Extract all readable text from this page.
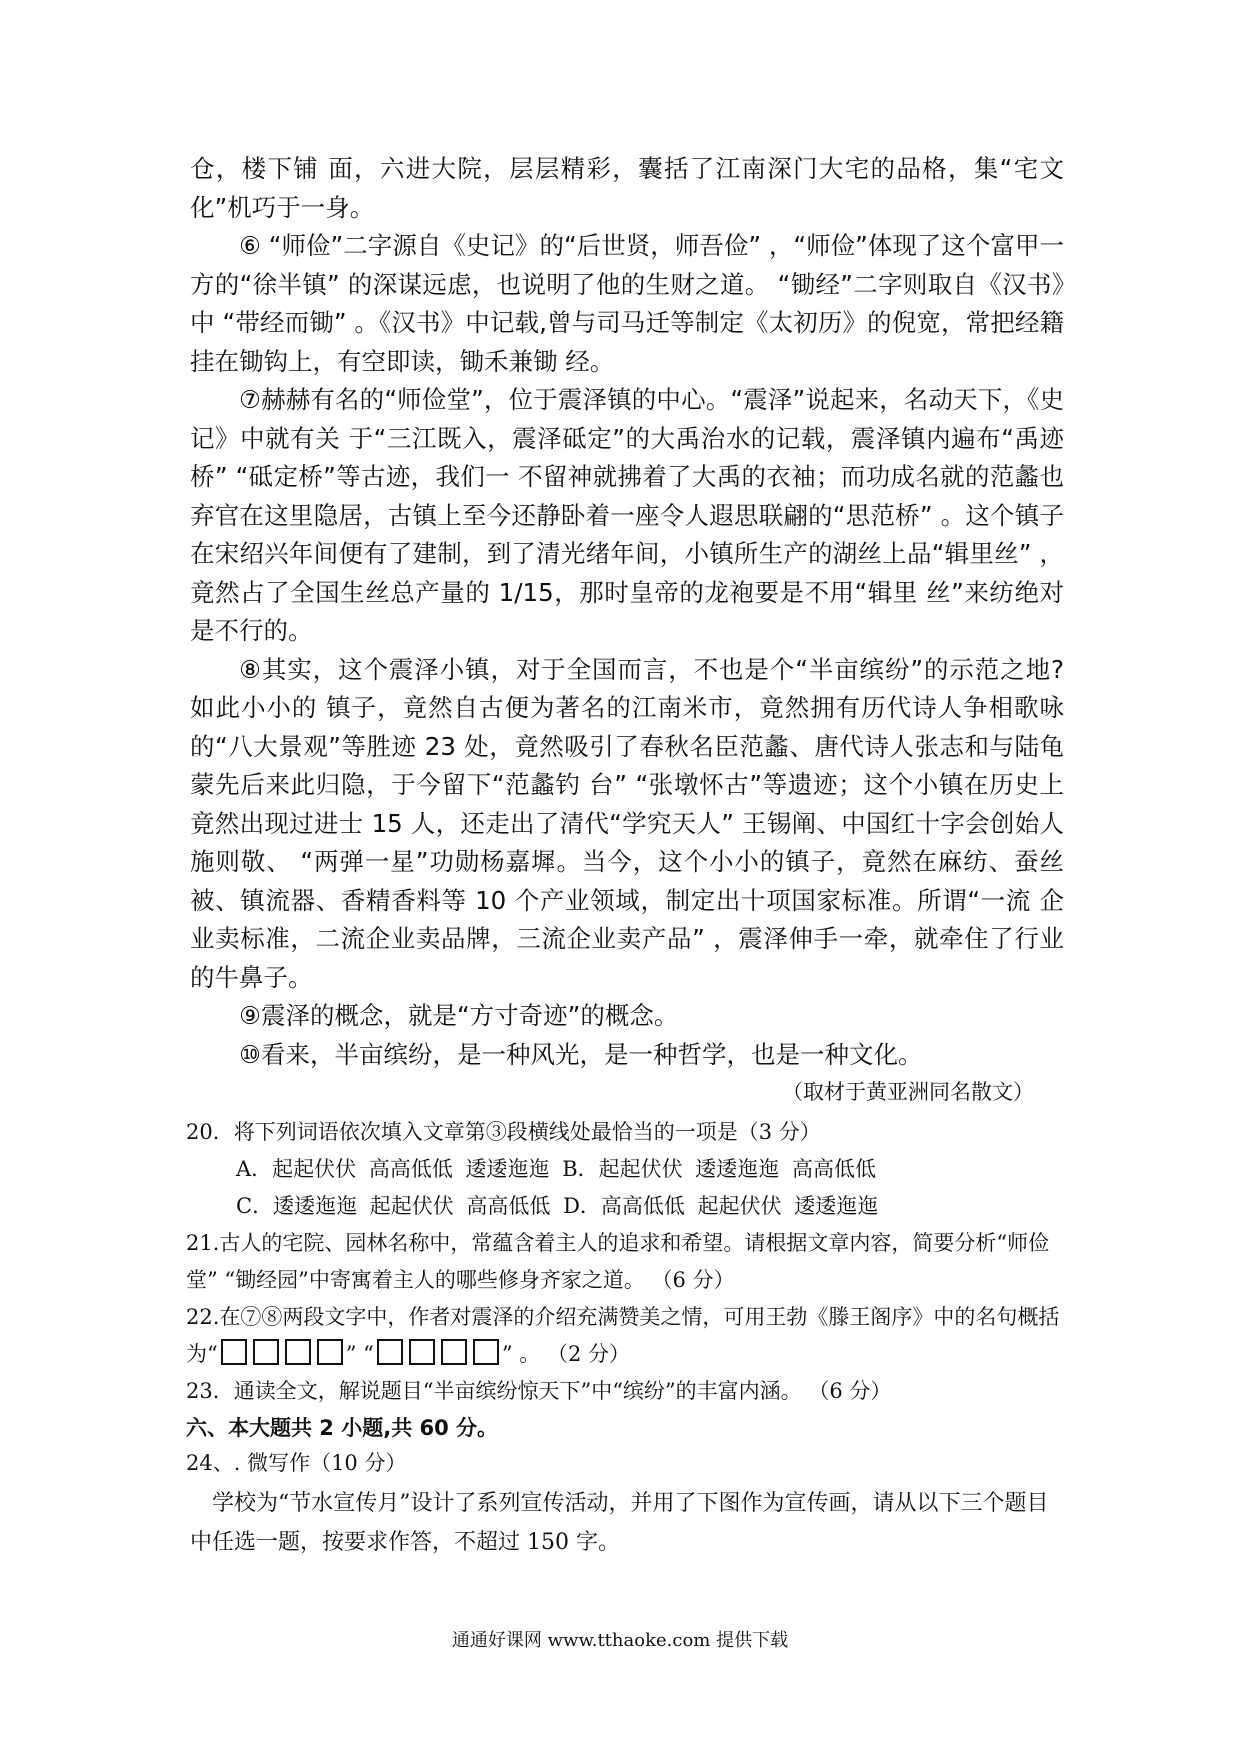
仓，楼下铺 面，六进大院，层层精彩，囊括了江南深门大宅的品格，集“宅文化”机巧于一身。

⑥ “师俭”二字源自《史记》的“后世贤，师吾俭” ，“师俭”体现了这个富甲一方的“徐半镇” 的深谋远虑，也说明了他的生财之道。 “锄经”二字则取自《汉书》中 “带经而锄” 。《汉书》中记载,曾与司马迁等制定《太初历》的倪宽，常把经籍挂在锄钩上，有空即读，锄禾兼锄 经。

⑦赫赫有名的“师俭堂”，位于震泽镇的中心。“震泽”说起来，名动天下，《史记》中就有关 于“三江既入，震泽砥定”的大禹治水的记载，震泽镇内遍布“禹迹桥” “砥定桥”等古迹，我们一 不留神就拂着了大禹的衣袖；而功成名就的范蠡也弃官在这里隐居，古镇上至今还静卧着一座令人遐思联翩的“思范桥” 。这个镇子在宋绍兴年间便有了建制，到了清光绪年间，小镇所生产的湖丝上品“辑里丝” ，竟然占了全国生丝总产量的 1/15，那时皇帝的龙袍要是不用“辑里 丝”来纺绝对是不行的。

⑧其实，这个震泽小镇，对于全国而言，不也是个“半亩缤纷”的示范之地? 如此小小的 镇子，竟然自古便为著名的江南米市，竟然拥有历代诗人争相歌咏的“八大景观”等胜迹 23 处，竟然吸引了春秋名臣范蠡、唐代诗人张志和与陆龟蒙先后来此归隐，于今留下“范蠡钓 台” “张墩怀古”等遗迹；这个小镇在历史上竟然出现过进士 15 人，还走出了清代“学究天人” 王锡阐、中国红十字会创始人施则敬、 “两弹一星”功勋杨嘉墀。当今，这个小小的镇子，竟然在麻纺、蚕丝被、镇流器、香精香料等 10 个产业领域，制定出十项国家标准。所谓“一流 企业卖标准，二流企业卖品牌，三流企业卖产品” ，震泽伸手一牵，就牵住了行业的牛鼻子。

⑨震泽的概念，就是“方寸奇迹”的概念。

⑩看来，半亩缤纷，是一种风光，是一种哲学，也是一种文化。

（取材于黄亚洲同名散文）

20．将下列词语依次填入文章第③段横线处最恰当的一项是（3 分）

A．起起伏伏 高高低低 逶逶迤迤 B．起起伏伏 逶逶迤迤 高高低低

C．逶逶迤迤 起起伏伏 高高低低 D．高高低低 起起伏伏 逶逶迤迤

21.古人的宅院、园林名称中，常蕴含着主人的追求和希望。请根据文章内容，简要分析“师俭堂” “锄经园”中寄寓着主人的哪些修身齐家之道。 （6 分）

22.在⑦⑧两段文字中，作者对震泽的介绍充满赞美之情，可用王勃《滕王阁序》中的名句概括为“	” “	” 。 （2 分）

23．通读全文，解说题目“半亩缤纷惊天下”中“缤纷”的丰富内涵。 （6 分）

六、本大题共 2 小题,共 60 分。

24、. 微写作（10 分）

学校为“节水宣传月”设计了系列宣传活动，并用了下图作为宣传画，请从以下三个题目中任选一题，按要求作答，不超过 150 字。

通通好课网 www.tthaoke.com 提供下载
